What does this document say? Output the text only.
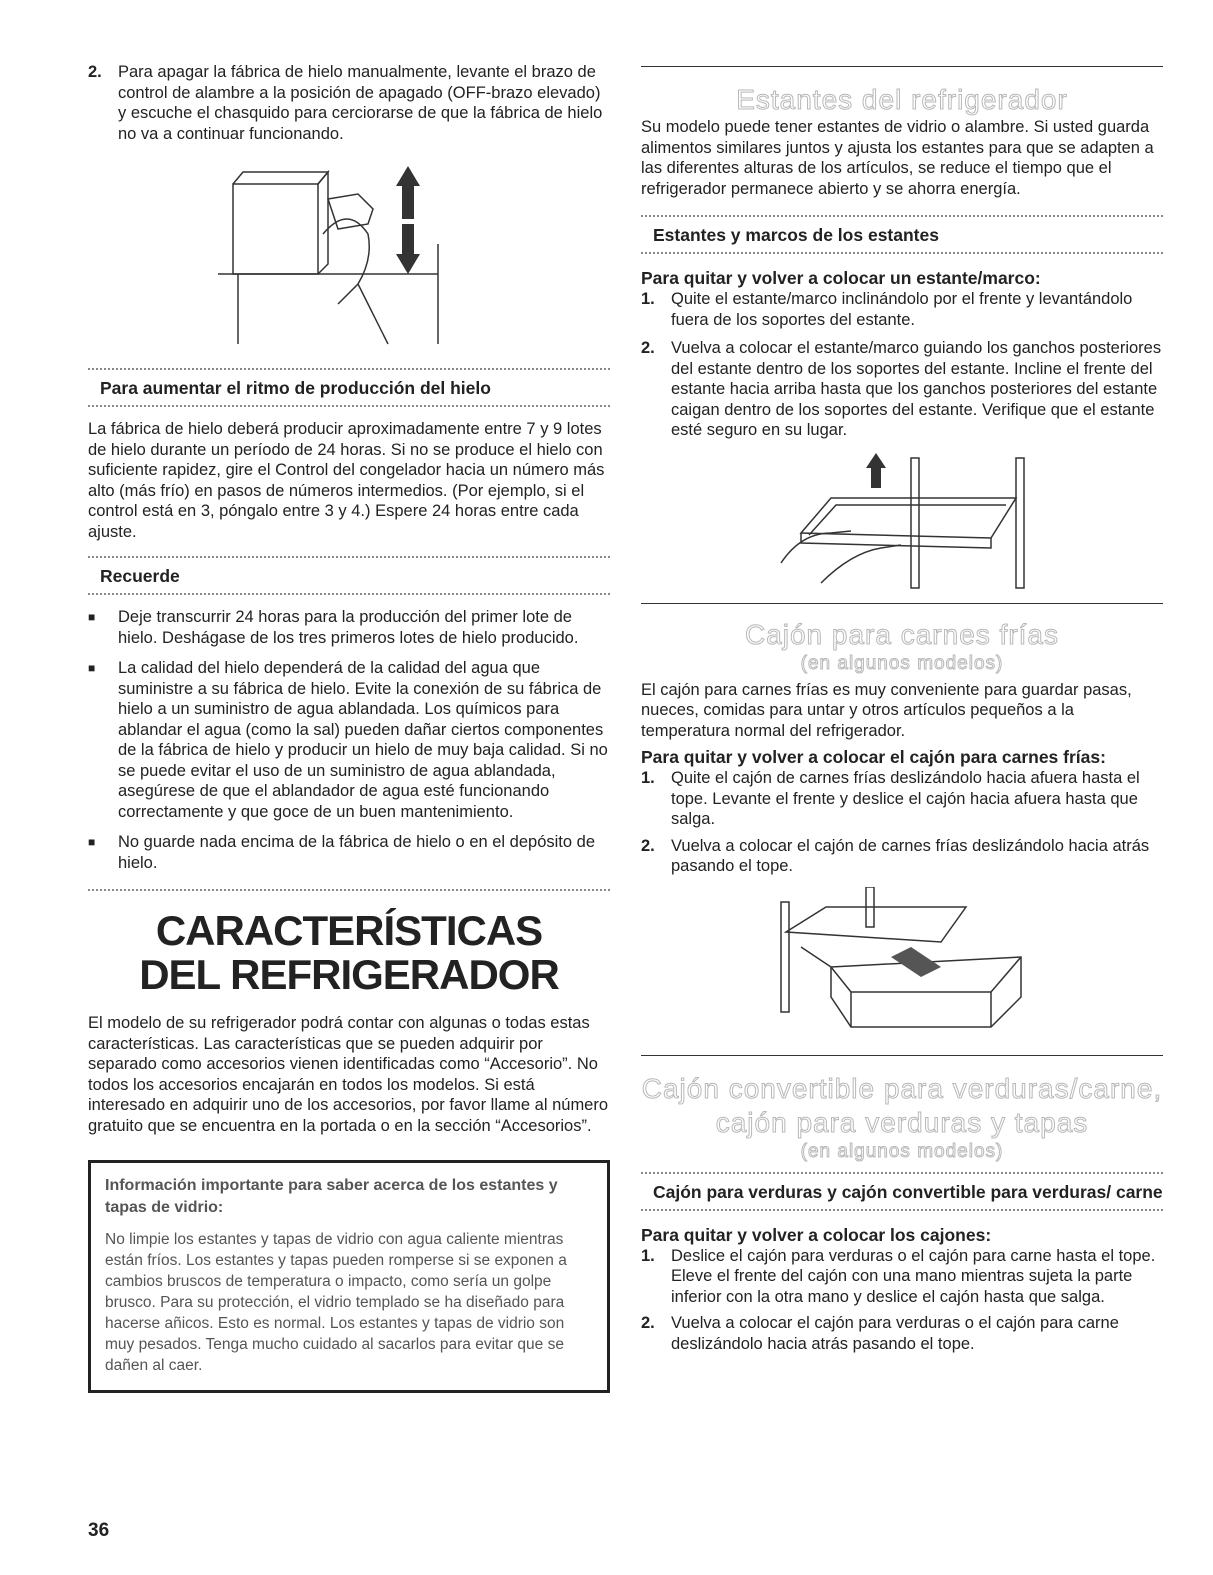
2. Para apagar la fábrica de hielo manualmente, levante el brazo de control de alambre a la posición de apagado (OFF-brazo elevado) y escuche el chasquido para cerciorarse de que la fábrica de hielo no va a continuar funcionando.
Para aumentar el ritmo de producción del hielo

La fábrica de hielo deberá producir aproximadamente entre 7 y 9 lotes de hielo durante un período de 24 horas. Si no se produce el hielo con suficiente rapidez, gire el Control del congelador hacia un número más alto (más frío) en pasos de números intermedios. (Por ejemplo, si el control está en 3, póngalo entre 3 y 4.) Espere 24 horas entre cada ajuste.

Recuerde
■	Deje transcurrir 24 horas para la producción del primer lote de hielo. Deshágase de los tres primeros lotes de hielo producido.
■	La calidad del hielo dependerá de la calidad del agua que suministre a su fábrica de hielo. Evite la conexión de su fábrica de hielo a un suministro de agua ablandada. Los químicos para ablandar el agua (como la sal) pueden dañar ciertos componentes de la fábrica de hielo y producir un hielo de muy baja calidad. Si no se puede evitar el uso de un suministro de agua ablandada, asegúrese de que el ablandador de agua esté funcionando correctamente y que goce de un buen mantenimiento.
■	No guarde nada encima de la fábrica de hielo o en el depósito de hielo.
CARACTERÍSTICAS
DEL REFRIGERADOR

El modelo de su refrigerador podrá contar con algunas o todas estas características. Las características que se pueden adquirir por separado como accesorios vienen identificadas como “Accesorio”. No todos los accesorios encajarán en todos los modelos. Si está interesado en adquirir uno de los accesorios, por favor llame al número gratuito que se encuentra en la portada o en la sección “Accesorios”.

Información importante para saber acerca de los estantes y tapas de vidrio:

No limpie los estantes y tapas de vidrio con agua caliente mientras están fríos. Los estantes y tapas pueden romperse si se exponen a cambios bruscos de temperatura o impacto, como sería un golpe brusco. Para su protección, el vidrio templado se ha diseñado para hacerse añicos. Esto es normal. Los estantes y tapas de vidrio son muy pesados. Tenga mucho cuidado al sacarlos para evitar que se dañen al caer.

Estantes del refrigerador

Su modelo puede tener estantes de vidrio o alambre. Si usted guarda alimentos similares juntos y ajusta los estantes para que se adapten a las diferentes alturas de los artículos, se reduce el tiempo que el refrigerador permanece abierto y se ahorra energía.

Estantes y marcos de los estantes
Para quitar y volver a colocar un estante/marco:
1. Quite el estante/marco inclinándolo por el frente y levantándolo fuera de los soportes del estante.
2. Vuelva a colocar el estante/marco guiando los ganchos posteriores del estante dentro de los soportes del estante. Incline el frente del estante hacia arriba hasta que los ganchos posteriores del estante caigan dentro de los soportes del estante. Verifique que el estante esté seguro en su lugar.
Cajón para carnes frías
(en algunos modelos)

El cajón para carnes frías es muy conveniente para guardar pasas, nueces, comidas para untar y otros artículos pequeños a la temperatura normal del refrigerador.

Para quitar y volver a colocar el cajón para carnes frías:
1. Quite el cajón de carnes frías deslizándolo hacia afuera hasta el tope. Levante el frente y deslice el cajón hacia afuera hasta que salga.
2. Vuelva a colocar el cajón de carnes frías deslizándolo hacia atrás pasando el tope.
Cajón convertible para verduras/carne,
cajón para verduras y tapas
(en algunos modelos)
Cajón para verduras y cajón convertible para verduras/ carne
Para quitar y volver a colocar los cajones:
1. Deslice el cajón para verduras o el cajón para carne hasta el tope. Eleve el frente del cajón con una mano mientras sujeta la parte inferior con la otra mano y deslice el cajón hasta que salga.
2. Vuelva a colocar el cajón para verduras o el cajón para carne deslizándolo hacia atrás pasando el tope.
36
